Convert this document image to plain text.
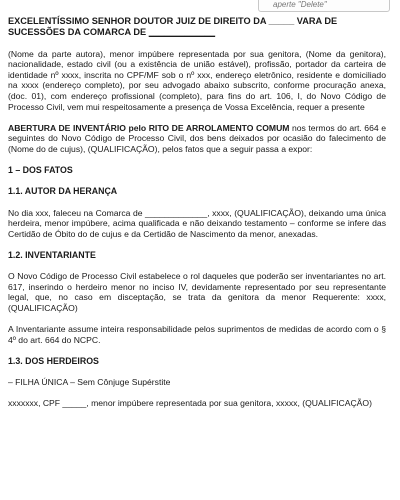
aperte "Delete"

EXCELENTÍSSIMO SENHOR DOUTOR JUIZ DE DIREITO DA _____ VARA DE
SUCESSÕES DA COMARCA DE _____________

(Nome da parte autora), menor impúbere representada por sua genitora, (Nome da genitora), nacionalidade, estado civil (ou a existência de união estável), profissão, portador da carteira de identidade nº xxxx, inscrita no CPF/MF sob o nº xxx, endereço eletrônico, residente e domiciliado na xxxx (endereço completo), por seu advogado abaixo subscrito, conforme procuração anexa, (doc. 01), com endereço profissional (completo), para fins do art. 106, I, do Novo Código de Processo Civil, vem mui respeitosamente a presença de Vossa Excelência, requer a presente

ABERTURA DE INVENTÁRIO pelo RITO DE ARROLAMENTO COMUM nos termos do art. 664 e seguintes do Novo Código de Processo Civil, dos bens deixados por ocasião do falecimento de (Nome do de cujus), (QUALIFICAÇÃO), pelos fatos que a seguir passa a expor:

1 – DOS FATOS

1.1. AUTOR DA HERANÇA

No dia xxx, faleceu na Comarca de _____________, xxxx, (QUALIFICAÇÃO), deixando uma única herdeira, menor impúbere, acima qualificada e não deixando testamento – conforme se infere das Certidão de Óbito do de cujus e da Certidão de Nascimento da menor, anexadas.

1.2. INVENTARIANTE

O Novo Código de Processo Civil estabelece o rol daqueles que poderão ser inventariantes no art. 617, inserindo o herdeiro menor no inciso IV, devidamente representado por seu representante legal, que, no caso em disceptação, se trata da genitora da menor Requerente: xxxx, (QUALIFICAÇÃO)

A Inventariante assume inteira responsabilidade pelos suprimentos de medidas de acordo com o § 4º do art. 664 do NCPC.

1.3. DOS HERDEIROS

– FILHA ÚNICA – Sem Cônjuge Supérstite

xxxxxxx, CPF _____, menor impúbere representada por sua genitora, xxxxx, (QUALIFICAÇÃO)
